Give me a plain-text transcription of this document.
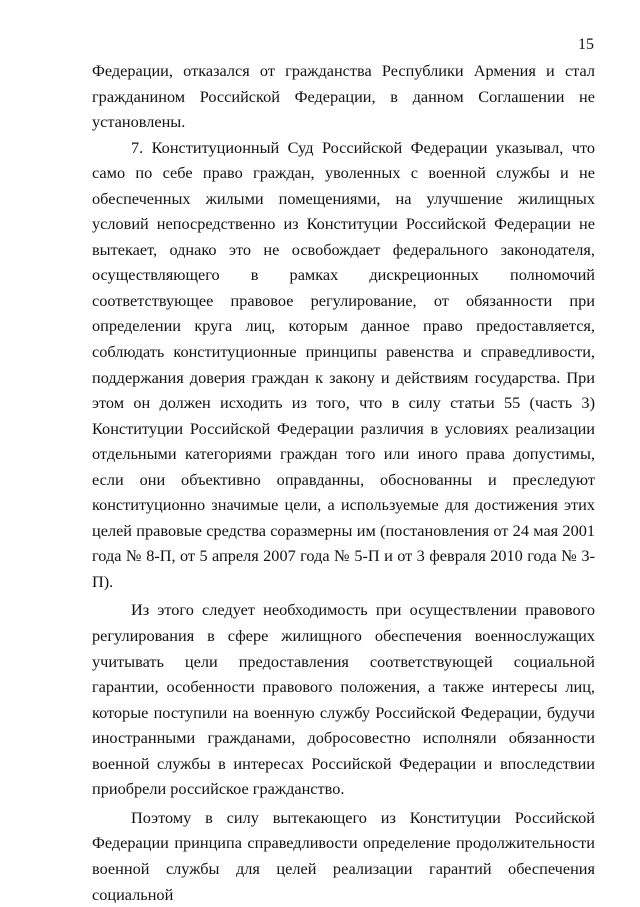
15

Федерации, отказался от гражданства Республики Армения и стал гражданином Российской Федерации, в данном Соглашении не установлены.

7. Конституционный Суд Российской Федерации указывал, что само по себе право граждан, уволенных с военной службы и не обеспеченных жилыми помещениями, на улучшение жилищных условий непосредственно из Конституции Российской Федерации не вытекает, однако это не освобождает федерального законодателя, осуществляющего в рамках дискреционных полномочий соответствующее правовое регулирование, от обязанности при определении круга лиц, которым данное право предоставляется, соблюдать конституционные принципы равенства и справедливости, поддержания доверия граждан к закону и действиям государства. При этом он должен исходить из того, что в силу статьи 55 (часть 3) Конституции Российской Федерации различия в условиях реализации отдельными категориями граждан того или иного права допустимы, если они объективно оправданны, обоснованны и преследуют конституционно значимые цели, а используемые для достижения этих целей правовые средства соразмерны им (постановления от 24 мая 2001 года № 8-П, от 5 апреля 2007 года № 5-П и от 3 февраля 2010 года № 3-П).

Из этого следует необходимость при осуществлении правового регулирования в сфере жилищного обеспечения военнослужащих учитывать цели предоставления соответствующей социальной гарантии, особенности правового положения, а также интересы лиц, которые поступили на военную службу Российской Федерации, будучи иностранными гражданами, добросовестно исполняли обязанности военной службы в интересах Российской Федерации и впоследствии приобрели российское гражданство.

Поэтому в силу вытекающего из Конституции Российской Федерации принципа справедливости определение продолжительности военной службы для целей реализации гарантий обеспечения социальной
